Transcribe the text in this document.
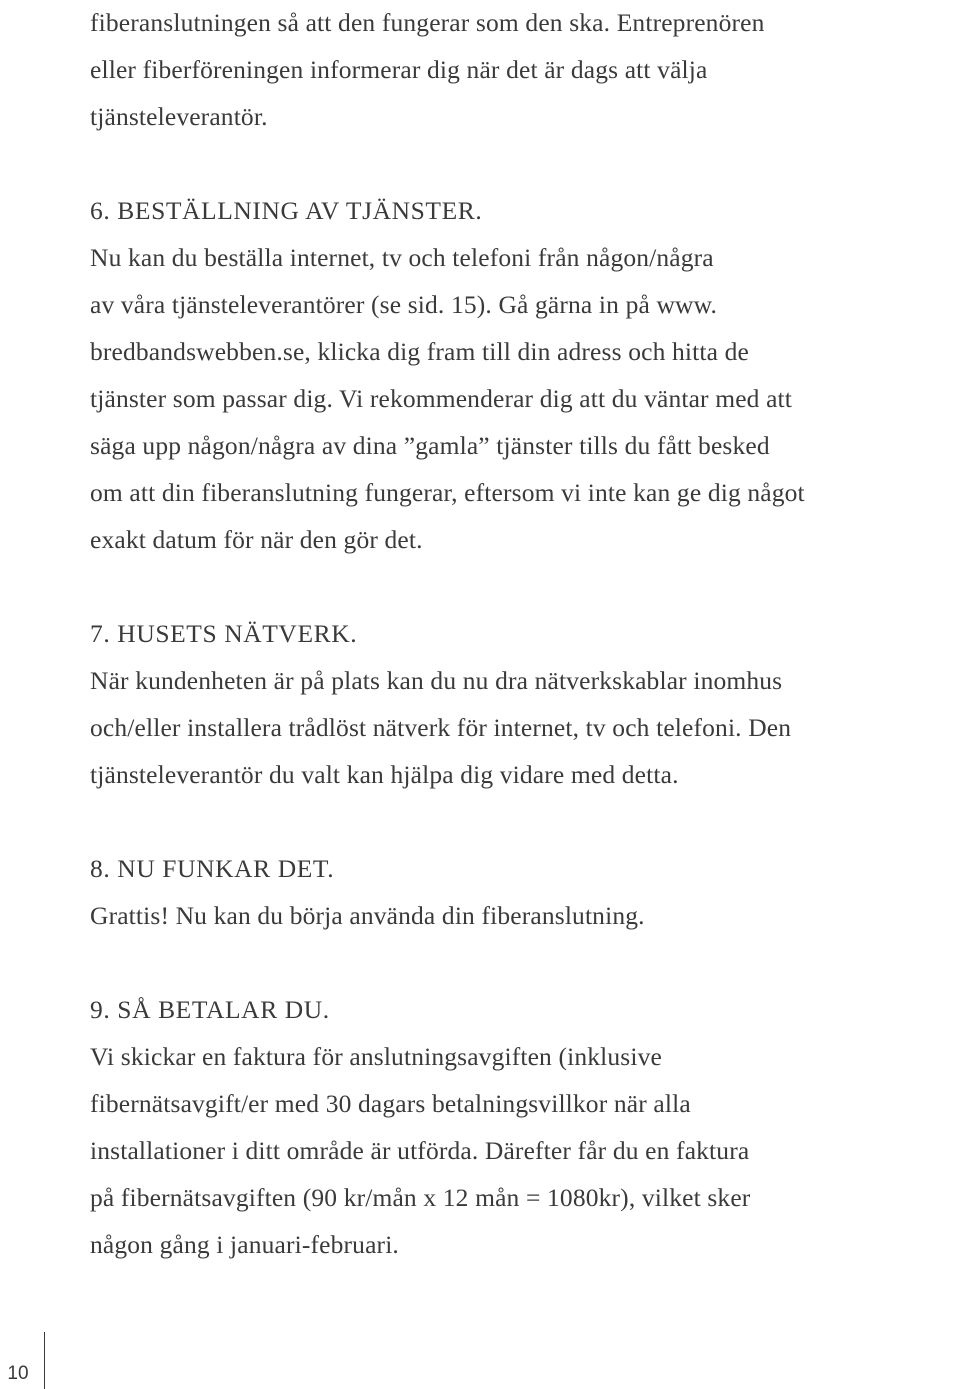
fiberanslutningen så att den fungerar som den ska. Entreprenören
eller fiberföreningen informerar dig när det är dags att välja
tjänsteleverantör.
6. BESTÄLLNING AV TJÄNSTER.
Nu kan du beställa internet, tv och telefoni från någon/några
av våra tjänsteleverantörer (se sid. 15). Gå gärna in på www.
bredbandswebben.se, klicka dig fram till din adress och hitta de
tjänster som passar dig. Vi rekommenderar dig att du väntar med att
säga upp någon/några av dina ”gamla” tjänster tills du fått besked
om att din fiberanslutning fungerar, eftersom vi inte kan ge dig något
exakt datum för när den gör det.
7. HUSETS NÄTVERK.
När kundenheten är på plats kan du nu dra nätverkskablar inomhus
och/eller installera trådlöst nätverk för internet, tv och telefoni. Den
tjänsteleverantör du valt kan hjälpa dig vidare med detta.
8. NU FUNKAR DET.
Grattis! Nu kan du börja använda din fiberanslutning.
9. SÅ BETALAR DU.
Vi skickar en faktura för anslutningsavgiften (inklusive
fibernätsavgift/er med 30 dagars betalningsvillkor när alla
installationer i ditt område är utförda. Därefter får du en faktura
på fibernätsavgiften (90 kr/mån x 12 mån = 1080kr), vilket sker
någon gång i januari-februari.
10
